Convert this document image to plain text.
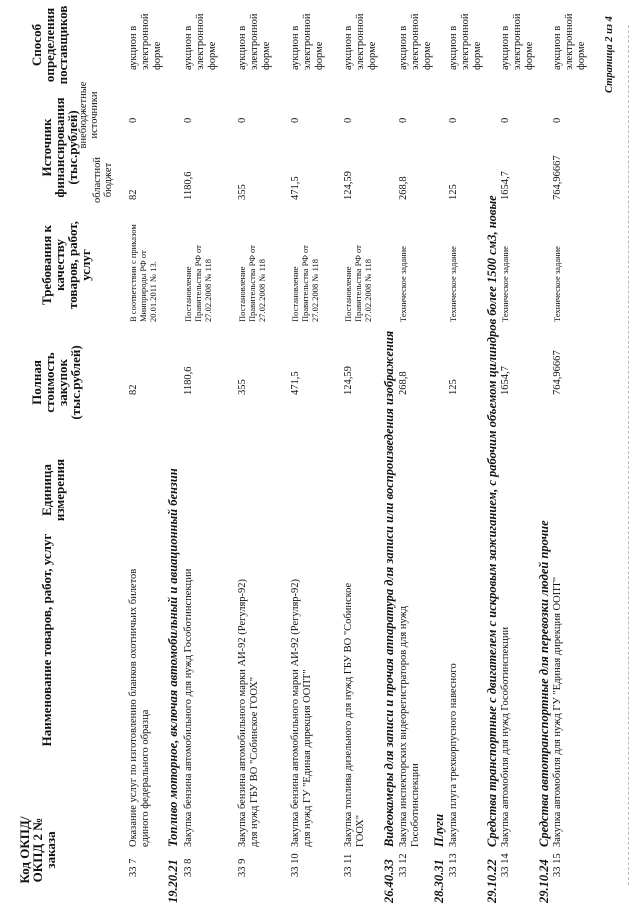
Код ОКПД/ ОКПД 2 № заказа
Наименование товаров, работ, услуг
Единица измерения
Полная стоимость закупок (тыс.рублей)
Требования к качеству товаров, работ, услуг
Источник финансирования (тыс.рублей) областной бюджет
внебюджетные источники
Способ определения поставщиков
33 7
Оказание услуг по изготовлению бланков охотничьих билетов единого федерального образца
82
В соответствии с приказом Минприроды РФ от 20.01.2011 № 13.
82
0
аукцион в электронной форме
19.20.21
Топливо моторное, включая автомобильный и авиационный бензин
33 8
Закупка бензина автомобильного для нужд Гособотинспекции
1180,6
Постановление Правительства РФ от 27.02.2008 № 118
1180,6
0
аукцион в электронной форме
33 9
Закупка бензина автомобильного марки АИ-92 (Регуляр-92) для нужд ГБУ ВО "Собинское ГООХ"
355
Постановление Правительства РФ от 27.02.2008 № 118
355
0
аукцион в электронной форме
33 10
Закупка бензина автомобильного марки АИ-92 (Регуляр-92) для нужд ГУ "Единая дирекция ООПТ"
471,5
Постановление Правительства РФ от 27.02.2008 № 118
471,5
0
аукцион в электронной форме
33 11
Закупка топлива дизельного для нужд ГБУ ВО "Собинское ГООХ"
124,59
Постановление Правительства РФ от 27.02.2008 № 118
124,59
0
аукцион в электронной форме
26.40.33
Видеокамеры для записи и прочая аппаратура для записи или воспроизведения изображения
33 12
Закупка инспекторских видеорегистраторов для нужд Гособотинспекции
268,8
Техническое задание
268,8
0
аукцион в электронной форме
28.30.31
Плуги
33 13
Закупка плуга трехкорпусного навесного
125
Техническое задание
125
0
аукцион в электронной форме
29.10.22
Средства транспортные с двигателем с искровым зажиганием, с рабочим объемом цилиндров более 1500 см3, новые
33 14
Закупка автомобиля для нужд Гособотинспекции
1654,7
Техническое задание
1654,7
0
аукцион в электронной форме
29.10.24
Средства автотранспортные для перевозки людей прочие
33 15
Закупка автомобиля для нужд ГУ "Единая дирекция ООПТ"
764,96667
Техническое задание
764,96667
0
аукцион в электронной форме Страница 2 из 4
